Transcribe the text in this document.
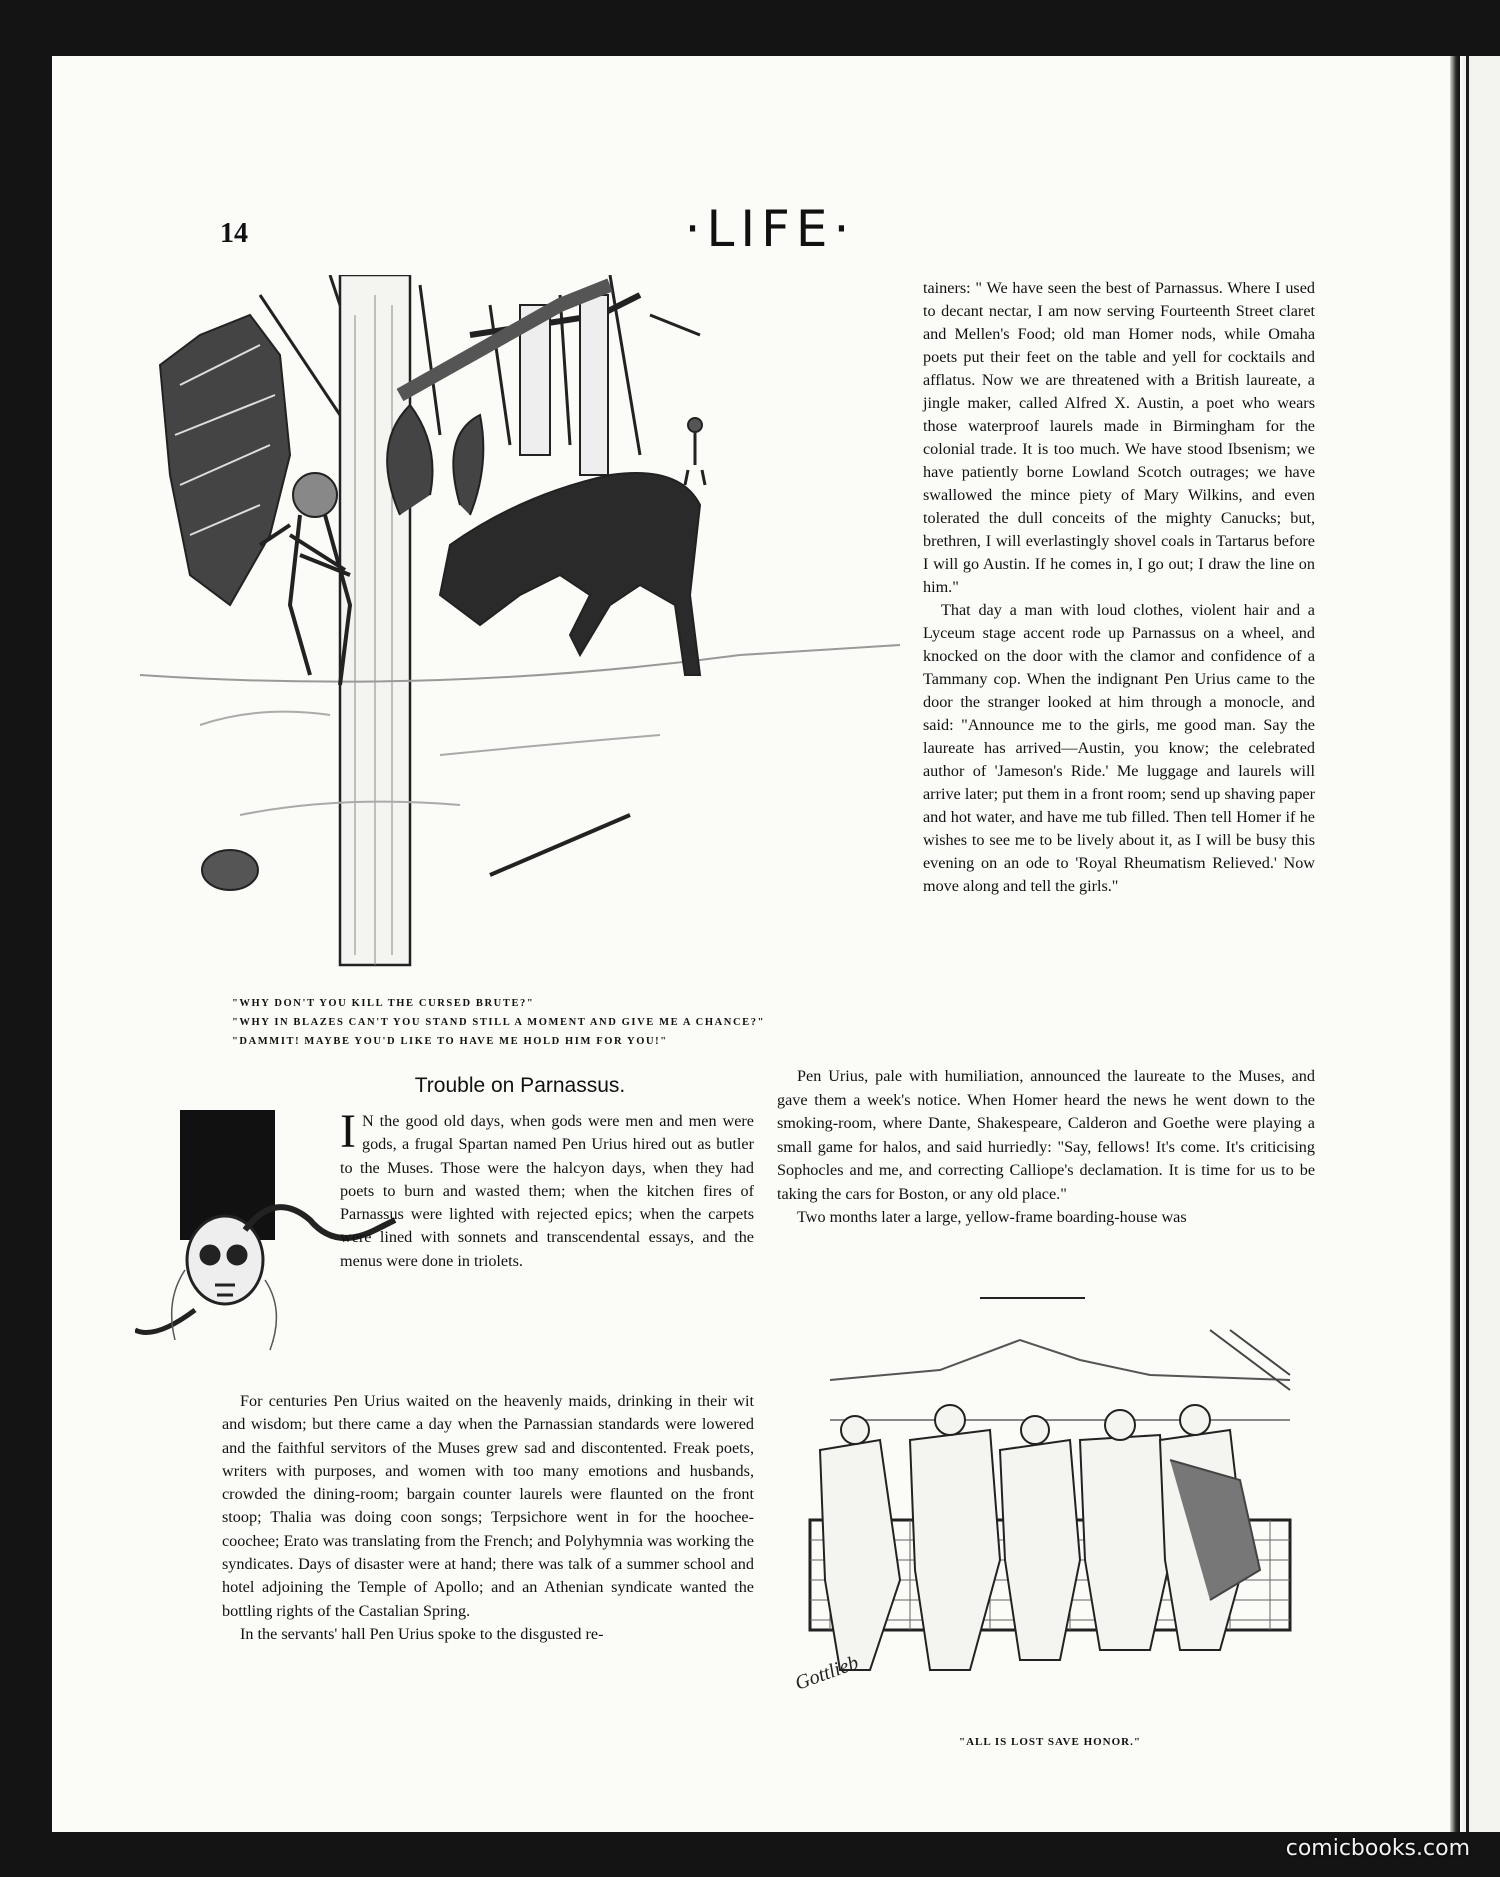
14	·LIFE·
"WHY DON'T YOU KILL THE CURSED BRUTE?"
"WHY IN BLAZES CAN'T YOU STAND STILL A MOMENT AND GIVE ME A CHANCE?"
"DAMMIT! MAYBE YOU'D LIKE TO HAVE ME HOLD HIM FOR YOU!"

tainers: " We have seen the best of Parnassus. Where I used to decant nectar, I am now serving Fourteenth Street claret and Mellen's Food; old man Homer nods, while Omaha poets put their feet on the table and yell for cocktails and afflatus. Now we are threatened with a British laureate, a jingle maker, called Alfred X. Austin, a poet who wears those waterproof laurels made in Birmingham for the colonial trade. It is too much. We have stood Ibsenism; we have patiently borne Lowland Scotch outrages; we have swallowed the mince piety of Mary Wilkins, and even tolerated the dull conceits of the mighty Canucks; but, brethren, I will everlastingly shovel coals in Tartarus before I will go Austin. If he comes in, I go out; I draw the line on him."

That day a man with loud clothes, violent hair and a Lyceum stage accent rode up Parnassus on a wheel, and knocked on the door with the clamor and confidence of a Tammany cop. When the indignant Pen Urius came to the door the stranger looked at him through a monocle, and said: "Announce me to the girls, me good man. Say the laureate has arrived—Austin, you know; the celebrated author of 'Jameson's Ride.' Me luggage and laurels will arrive later; put them in a front room; send up shaving paper and hot water, and have me tub filled. Then tell Homer if he wishes to see me to be lively about it, as I will be busy this evening on an ode to 'Royal Rheumatism Relieved.' Now move along and tell the girls."

Pen Urius, pale with humiliation, announced the laureate to the Muses, and gave them a week's notice. When Homer heard the news he went down to the smoking-room, where Dante, Shakespeare, Calderon and Goethe were playing a small game for halos, and said hurriedly: "Say, fellows! It's come. It's criticising Sophocles and me, and correcting Calliope's declamation. It is time for us to be taking the cars for Boston, or any old place."

Two months later a large, yellow-frame boarding-house was

Gottlieb
"ALL IS LOST SAVE HONOR."
Trouble on Parnassus.
I N the good old days, when gods were men and men were gods, a frugal Spartan named Pen Urius hired out as butler to the Muses. Those were the halcyon days, when they had poets to burn and wasted them; when the kitchen fires of Parnassus were lighted with rejected epics; when the carpets were lined with sonnets and transcendental essays, and the menus were done in triolets.

For centuries Pen Urius waited on the heavenly maids, drinking in their wit and wisdom; but there came a day when the Parnassian standards were lowered and the faithful servitors of the Muses grew sad and discontented. Freak poets, writers with purposes, and women with too many emotions and husbands, crowded the dining-room; bargain counter laurels were flaunted on the front stoop; Thalia was doing coon songs; Terpsichore went in for the hoochee-coochee; Erato was translating from the French; and Polyhymnia was working the syndicates. Days of disaster were at hand; there was talk of a summer school and hotel adjoining the Temple of Apollo; and an Athenian syndicate wanted the bottling rights of the Castalian Spring.

In the servants' hall Pen Urius spoke to the disgusted re-

comicbooks.com
